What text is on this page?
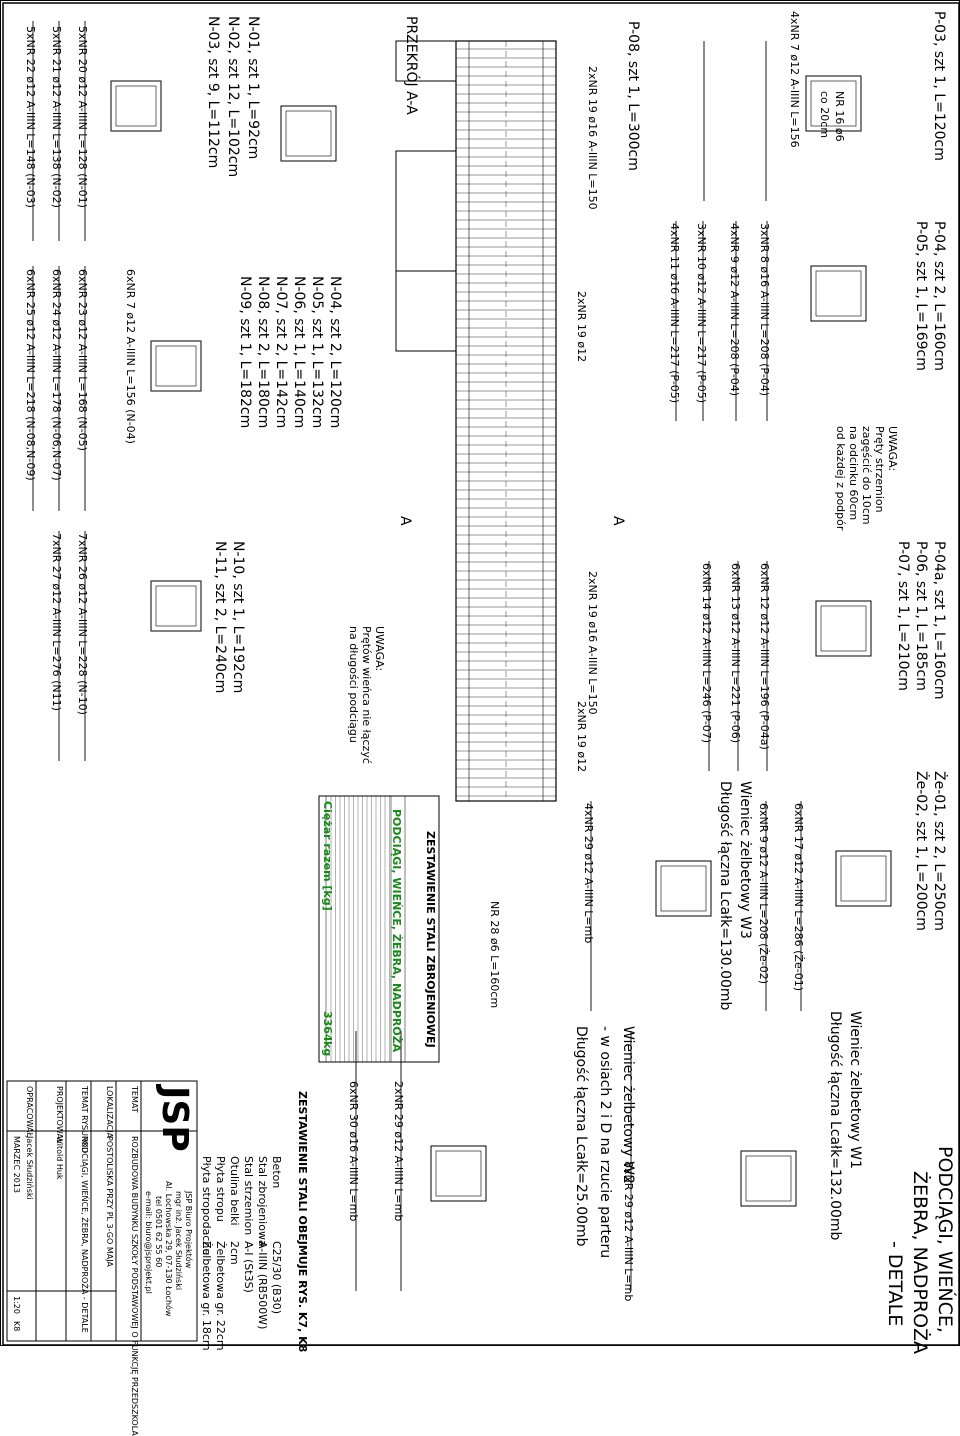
PODCIĄGI, WIEŃCE,
ŻEBRA, NADPROŻA
- DETALE
Wieniec żelbetowy W1
Długość łączna Lcałk=132.00mb
Wieniec żelbetowy W2
- w osiach 2 i D na rzucie parteru
Długość łączna Lcałk=25.00mb
Wieniec żelbetowy W3
Długość łączna Lcałk=130.00mb	Że-01, szt 2, L=250cm
Że-02, szt 1, L=200cm
P-04a, szt 1, L=160cm
P-06, szt 1, L=185cm
P-07, szt 1, L=210cm
P-04, szt 2, L=160cm
P-05, szt 1, L=169cm
P-03, szt 1, L=120cm
P-08, szt 1, L=300cm
PRZEKRÓJ A-A
A
A
N-01, szt 1, L=92cm
N-02, szt 12, L=102cm
N-03, szt 9, L=112cm
N-04, szt 2, L=120cm
N-05, szt 1, L=132cm
N-06, szt 1, L=140cm
N-07, szt 2, L=142cm
N-08, szt 2, L=180cm
N-09, szt 1, L=182cm
N-10, szt 1, L=192cm
N-11, szt 2, L=240cm
UWAGA:
Pręty strzemion
zagęścić do 10cm
na odcinku 60cm
od każdej z podpór
UWAGA:
Prętów wieńca nie łączyć
na długości podciągu
4xNR 7 ø12 A-IIIN L=156	NR 16 ø6
co 20cm
3xNR 8 ø16 A-IIIN L=208 (P-04)
4xNR 9 ø12 A-IIIN L=208 (P-04)
3xNR 10 ø12 A-IIIN L=217 (P-05)
4xNR 11 ø16 A-IIIN L=217 (P-05)
6xNR 12 ø12 A-IIIN L=196 (P-04a)
6xNR 13 ø12 A-IIIN L=221 (P-06)
6xNR 14 ø12 A-IIIN L=246 (P-07)
6xNR 17 ø12 A-IIIN L=286 (Że-01)
6xNR 9 ø12 A-IIIN L=208 (Że-02)
4xNR 29 ø12 A-IIIN L=mb
NR 28 ø6 L=160cm
8xNR 29 ø12 A-IIIN L=mb
6xNR 30 ø16 A-IIIN L=mb	2xNR 29 ø12 A-IIIN L=mb
2xNR 19 ø16 A-IIIN L=150
2xNR 19 ø16 A-IIIN L=150
2xNR 19 ø12
2xNR 19 ø12
5xNR 20 ø12 A-IIIN L=128 (N-01)
5xNR 21 ø12 A-IIIN L=138 (N-02)
5xNR 22 ø12 A-IIIN L=148 (N-03)
6xNR 7 ø12 A-IIIN L=156 (N-04)
6xNR 23 ø12 A-IIIN L=168 (N-05)
6xNR 24 ø12 A-IIIN L=178 (N-06,N-07)
6xNR 25 ø12 A-IIIN L=218 (N-08,N-09)
7xNR 26 ø12 A-IIIN L=228 (N-10)
7xNR 27 ø12 A-IIIN L=276 (N11)
ZESTAWIENIE STALI ZBROJENIOWEJ
PODCIĄGI, WIEŃCE, ŻEBRA, NADPROŻA
Ciężar razem [kg]
3364
kg
ZESTAWIENIE STALI OBEJMUJE RYS. K7, K8
Beton
C25/30 (B30)
Stal zbrojeniowa
A-IIIN (RB500W)
Stal strzemion
A-I (St3S)
Otulina belki
2cm
Płyta stropu
Żelbetowa gr. 22cm
Płyta stropodachu
Żelbetowa gr. 18cm
JSP
JSP Biuro Projektów
mgr inż. Jacek Słudziński
Al. Lochowska 29, 07-130 Łochów
tel 0501 62 55 60
e-mail: biuro@jsprojekt.pl
TEMAT
ROZBUDOWA BUDYNKU SZKOŁY PODSTAWOWEJ O FUNKCJĘ PRZEDSZKOLA
LOKALIZACJA
POSTOLISKA PRZY PL 3-GO MAJA
TEMAT RYSUNKU
PODCIĄGI, WIEŃCE, ŻEBRA, NADPROŻA - DETALE
PROJEKTOWAŁ
Witold Huk
OPRACOWAŁ
Jacek Słudziński
MARZEC 2013
1:20
K8
